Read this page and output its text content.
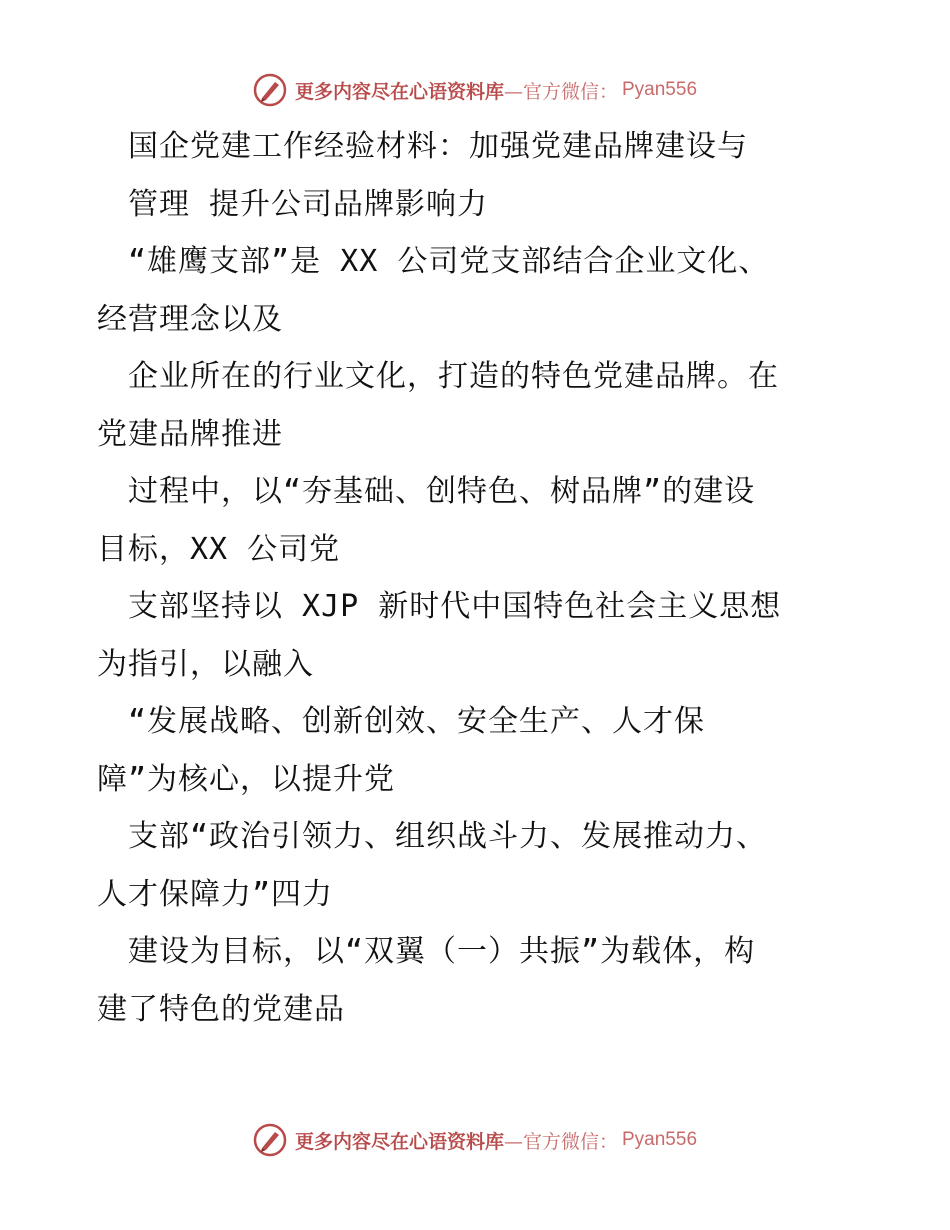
更多内容尽在心语资料库—官方微信： Pyan556
　国企党建工作经验材料：加强党建品牌建设与
　管理 提升公司品牌影响力
　“雄鹰支部”是 XX 公司党支部结合企业文化、
经营理念以及
　企业所在的行业文化，打造的特色党建品牌。在
党建品牌推进
　过程中，以“夯基础、创特色、树品牌”的建设
目标，XX 公司党
　支部坚持以 XJP 新时代中国特色社会主义思想
为指引，以融入
　“发展战略、创新创效、安全生产、人才保
障”为核心，以提升党
　支部“政治引领力、组织战斗力、发展推动力、
人才保障力”四力
　建设为目标，以“双翼（一）共振”为载体，构
建了特色的党建品
更多内容尽在心语资料库—官方微信： Pyan556
